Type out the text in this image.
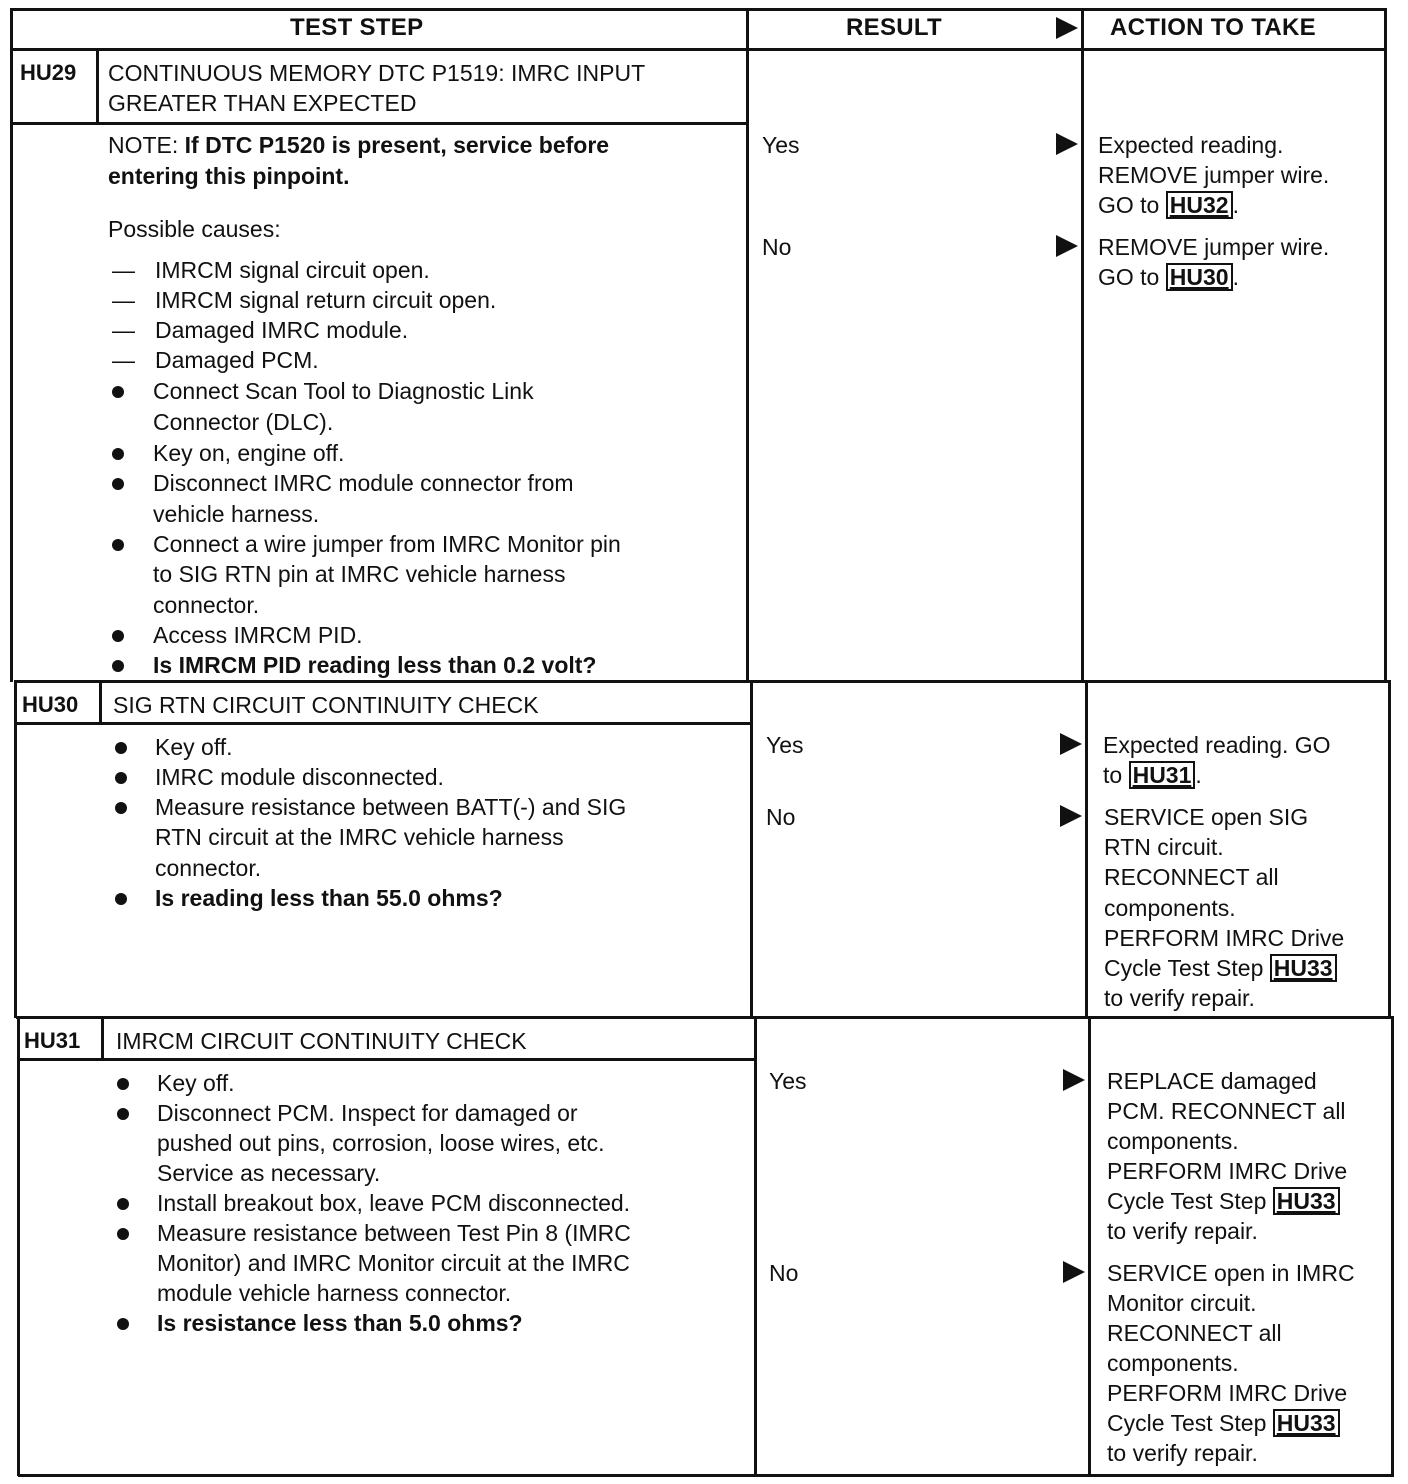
TEST STEP	RESULT	ACTION TO TAKE
HU29 CONTINUOUS MEMORY DTC P1519: IMRC INPUT
GREATER THAN EXPECTED
NOTE: If DTC P1520 is present, service before
entering this pinpoint.
Possible causes:
— IMRCM signal circuit open.
— IMRCM signal return circuit open.
— Damaged IMRC module.
— Damaged PCM.
Connect Scan Tool to Diagnostic Link
Connector (DLC).
Key on, engine off.
Disconnect IMRC module connector from
vehicle harness.
Connect a wire jumper from IMRC Monitor pin
to SIG RTN pin at IMRC vehicle harness
connector.
Access IMRCM PID.
Is IMRCM PID reading less than 0.2 volt?
Yes	Expected reading.
REMOVE jumper wire.
GO to HU32 .
No	REMOVE jumper wire.
GO to HU30 .
HU30 SIG RTN CIRCUIT CONTINUITY CHECK
Key off.
IMRC module disconnected.
Measure resistance between BATT(-) and SIG
RTN circuit at the IMRC vehicle harness
connector.
Is reading less than 55.0 ohms?
Yes	Expected reading. GO
to HU31 .
No	SERVICE open SIG
RTN circuit.
RECONNECT all
components.
PERFORM IMRC Drive
Cycle Test Step HU33
to verify repair.
HU31 IMRCM CIRCUIT CONTINUITY CHECK
Key off.
Disconnect PCM. Inspect for damaged or
pushed out pins, corrosion, loose wires, etc.
Service as necessary.
Install breakout box, leave PCM disconnected.
Measure resistance between Test Pin 8 (IMRC
Monitor) and IMRC Monitor circuit at the IMRC
module vehicle harness connector.
Is resistance less than 5.0 ohms?
Yes	REPLACE damaged
PCM. RECONNECT all
components.
PERFORM IMRC Drive
Cycle Test Step HU33
to verify repair.
No	SERVICE open in IMRC
Monitor circuit.
RECONNECT all
components.
PERFORM IMRC Drive
Cycle Test Step HU33
to verify repair.
